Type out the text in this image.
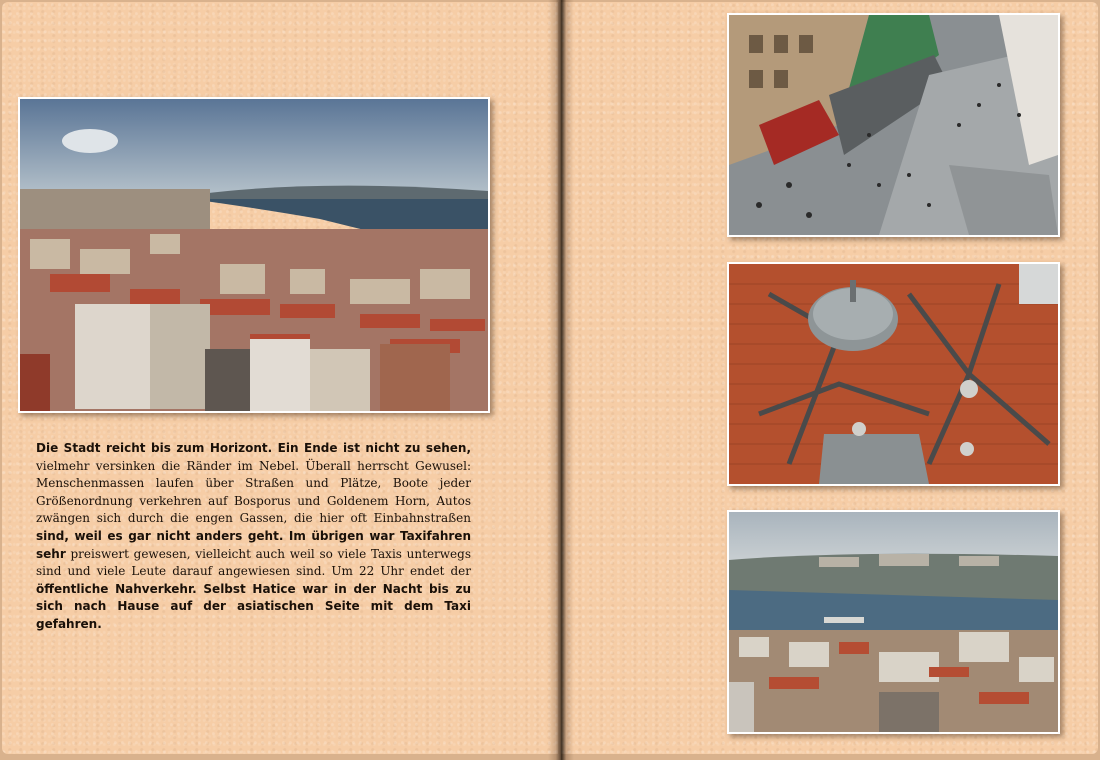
Die Stadt reicht bis zum Horizont. Ein Ende ist nicht zu sehen, vielmehr versinken die Ränder im Nebel. Überall herrscht Gewusel: Menschenmassen laufen über Straßen und Plätze, Boote jeder Größenordnung verkehren auf Bosporus und Goldenem Horn, Autos zwängen sich durch die engen Gassen, die hier oft Einbahnstraßen sind, weil es gar nicht anders geht. Im übrigen war Taxifahren sehr preiswert gewesen, vielleicht auch weil so viele Taxis unterwegs sind und viele Leute darauf angewiesen sind. Um 22 Uhr endet der öffentliche Nahverkehr. Selbst Hatice war in der Nacht bis zu sich nach Hause auf der asiatischen Seite mit dem Taxi gefahren.
